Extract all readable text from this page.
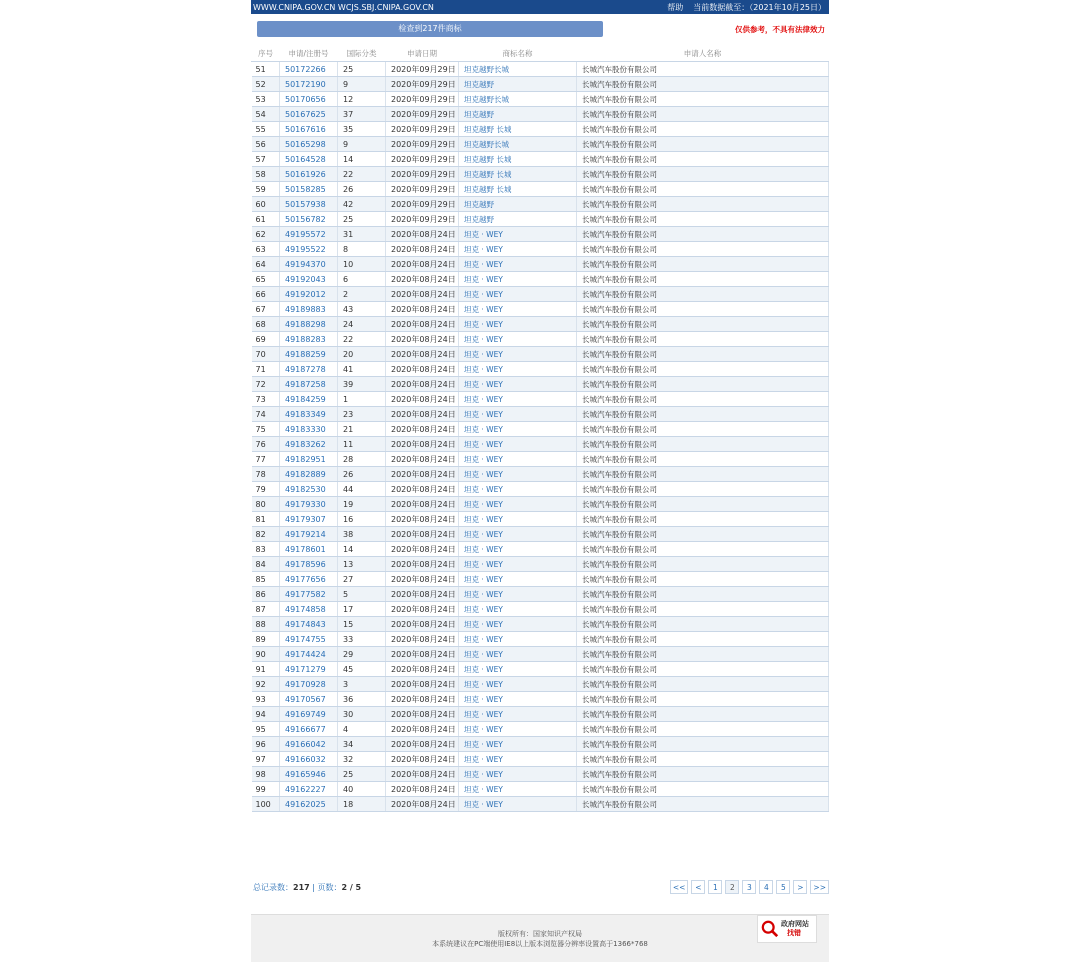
WWW.CNIPA.GOV.CN WCJS.SBJ.CNIPA.GOV.CN	帮助 当前数据截至：（2021年10月25日）
检查到217件商标	仅供参考，不具有法律效力
序号	申请/注册号	国际分类	申请日期	商标名称	申请人名称
51	50172266	25	2020年09月29日	坦克越野长城	长城汽车股份有限公司
52	50172190	9	2020年09月29日	坦克越野	长城汽车股份有限公司
53	50170656	12	2020年09月29日	坦克越野长城	长城汽车股份有限公司
54	50167625	37	2020年09月29日	坦克越野	长城汽车股份有限公司
55	50167616	35	2020年09月29日	坦克越野 长城	长城汽车股份有限公司
56	50165298	9	2020年09月29日	坦克越野长城	长城汽车股份有限公司
57	50164528	14	2020年09月29日	坦克越野 长城	长城汽车股份有限公司
58	50161926	22	2020年09月29日	坦克越野 长城	长城汽车股份有限公司
59	50158285	26	2020年09月29日	坦克越野 长城	长城汽车股份有限公司
60	50157938	42	2020年09月29日	坦克越野	长城汽车股份有限公司
61	50156782	25	2020年09月29日	坦克越野	长城汽车股份有限公司
62	49195572	31	2020年08月24日	坦克 · WEY	长城汽车股份有限公司
63	49195522	8	2020年08月24日	坦克 · WEY	长城汽车股份有限公司
64	49194370	10	2020年08月24日	坦克 · WEY	长城汽车股份有限公司
65	49192043	6	2020年08月24日	坦克 · WEY	长城汽车股份有限公司
66	49192012	2	2020年08月24日	坦克 · WEY	长城汽车股份有限公司
67	49189883	43	2020年08月24日	坦克 · WEY	长城汽车股份有限公司
68	49188298	24	2020年08月24日	坦克 · WEY	长城汽车股份有限公司
69	49188283	22	2020年08月24日	坦克 · WEY	长城汽车股份有限公司
70	49188259	20	2020年08月24日	坦克 · WEY	长城汽车股份有限公司
71	49187278	41	2020年08月24日	坦克 · WEY	长城汽车股份有限公司
72	49187258	39	2020年08月24日	坦克 · WEY	长城汽车股份有限公司
73	49184259	1	2020年08月24日	坦克 · WEY	长城汽车股份有限公司
74	49183349	23	2020年08月24日	坦克 · WEY	长城汽车股份有限公司
75	49183330	21	2020年08月24日	坦克 · WEY	长城汽车股份有限公司
76	49183262	11	2020年08月24日	坦克 · WEY	长城汽车股份有限公司
77	49182951	28	2020年08月24日	坦克 · WEY	长城汽车股份有限公司
78	49182889	26	2020年08月24日	坦克 · WEY	长城汽车股份有限公司
79	49182530	44	2020年08月24日	坦克 · WEY	长城汽车股份有限公司
80	49179330	19	2020年08月24日	坦克 · WEY	长城汽车股份有限公司
81	49179307	16	2020年08月24日	坦克 · WEY	长城汽车股份有限公司
82	49179214	38	2020年08月24日	坦克 · WEY	长城汽车股份有限公司
83	49178601	14	2020年08月24日	坦克 · WEY	长城汽车股份有限公司
84	49178596	13	2020年08月24日	坦克 · WEY	长城汽车股份有限公司
85	49177656	27	2020年08月24日	坦克 · WEY	长城汽车股份有限公司
86	49177582	5	2020年08月24日	坦克 · WEY	长城汽车股份有限公司
87	49174858	17	2020年08月24日	坦克 · WEY	长城汽车股份有限公司
88	49174843	15	2020年08月24日	坦克 · WEY	长城汽车股份有限公司
89	49174755	33	2020年08月24日	坦克 · WEY	长城汽车股份有限公司
90	49174424	29	2020年08月24日	坦克 · WEY	长城汽车股份有限公司
91	49171279	45	2020年08月24日	坦克 · WEY	长城汽车股份有限公司
92	49170928	3	2020年08月24日	坦克 · WEY	长城汽车股份有限公司
93	49170567	36	2020年08月24日	坦克 · WEY	长城汽车股份有限公司
94	49169749	30	2020年08月24日	坦克 · WEY	长城汽车股份有限公司
95	49166677	4	2020年08月24日	坦克 · WEY	长城汽车股份有限公司
96	49166042	34	2020年08月24日	坦克 · WEY	长城汽车股份有限公司
97	49166032	32	2020年08月24日	坦克 · WEY	长城汽车股份有限公司
98	49165946	25	2020年08月24日	坦克 · WEY	长城汽车股份有限公司
99	49162227	40	2020年08月24日	坦克 · WEY	长城汽车股份有限公司
100	49162025	18	2020年08月24日	坦克 · WEY	长城汽车股份有限公司
总记录数：217 | 页数：2 / 5	<<	<	1	2	3	4	5	>	>>
版权所有：国家知识产权局
本系统建议在PC端使用IE8以上版本浏览器分辨率设置高于1366*768
政府网站
找错
